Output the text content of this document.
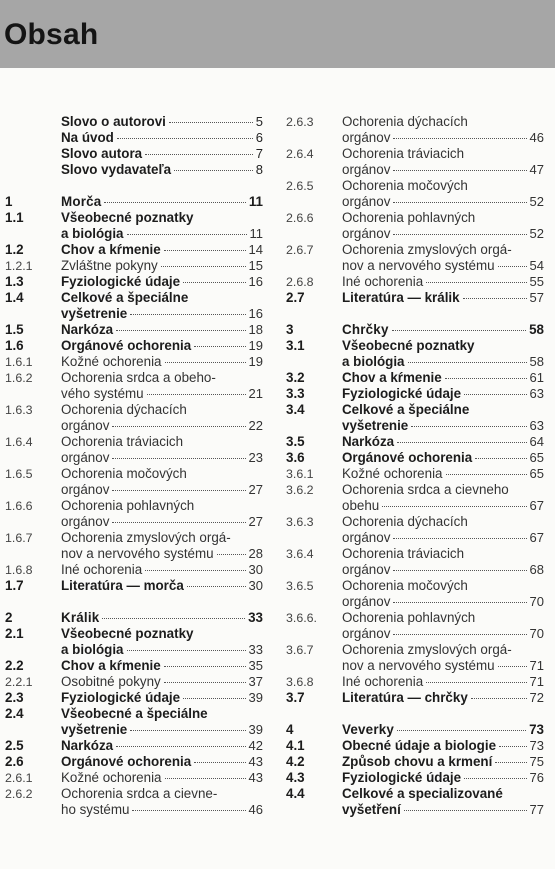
Obsah
Slovo o autorovi	5
Na úvod	6
Slovo autora	7
Slovo vydavateľa	8
1	Morča	11
1.1	Všeobecné poznatky
a biológia	11
1.2	Chov a kŕmenie	14
1.2.1	Zvláštne pokyny	15
1.3	Fyziologické údaje	16
1.4	Celkové a špeciálne
vyšetrenie	16
1.5	Narkóza	18
1.6	Orgánové ochorenia	19
1.6.1	Kožné ochorenia	19
1.6.2	Ochorenia srdca a obeho-
vého systému	21
1.6.3	Ochorenia dýchacích
orgánov	22
1.6.4	Ochorenia tráviacich
orgánov	23
1.6.5	Ochorenia močových
orgánov	27
1.6.6	Ochorenia pohlavných
orgánov	27
1.6.7	Ochorenia zmyslových orgá-
nov a nervového systému	28
1.6.8	Iné ochorenia	30
1.7	Literatúra — morča	30
2	Králik	33
2.1	Všeobecné poznatky
a biológia	33
2.2	Chov a kŕmenie	35
2.2.1	Osobitné pokyny	37
2.3	Fyziologické údaje	39
2.4	Všeobecné a špeciálne
vyšetrenie	39
2.5	Narkóza	42
2.6	Orgánové ochorenia	43
2.6.1	Kožné ochorenia	43
2.6.2	Ochorenia srdca a cievne-
ho systému	46
2.6.3	Ochorenia dýchacích
orgánov	46
2.6.4	Ochorenia tráviacich
orgánov	47
2.6.5	Ochorenia močových
orgánov	52
2.6.6	Ochorenia pohlavných
orgánov	52
2.6.7	Ochorenia zmyslových orgá-
nov a nervového systému	54
2.6.8	Iné ochorenia	55
2.7	Literatúra — králik	57
3	Chrčky	58
3.1	Všeobecné poznatky
a biológia	58
3.2	Chov a kŕmenie	61
3.3	Fyziologické údaje	63
3.4	Celkové a špeciálne
vyšetrenie	63
3.5	Narkóza	64
3.6	Orgánové ochorenia	65
3.6.1	Kožné ochorenia	65
3.6.2	Ochorenia srdca a cievneho
obehu	67
3.6.3	Ochorenia dýchacích
orgánov	67
3.6.4	Ochorenia tráviacich
orgánov	68
3.6.5	Ochorenia močových
orgánov	70
3.6.6.	Ochorenia pohlavných
orgánov	70
3.6.7	Ochorenia zmyslových orgá-
nov a nervového systému	71
3.6.8	Iné ochorenia	71
3.7	Literatúra — chrčky	72
4	Veverky	73
4.1	Obecné údaje a biologie	73
4.2	Způsob chovu a krmení	75
4.3	Fyziologické údaje	76
4.4	Celkové a specializované
vyšetření	77
